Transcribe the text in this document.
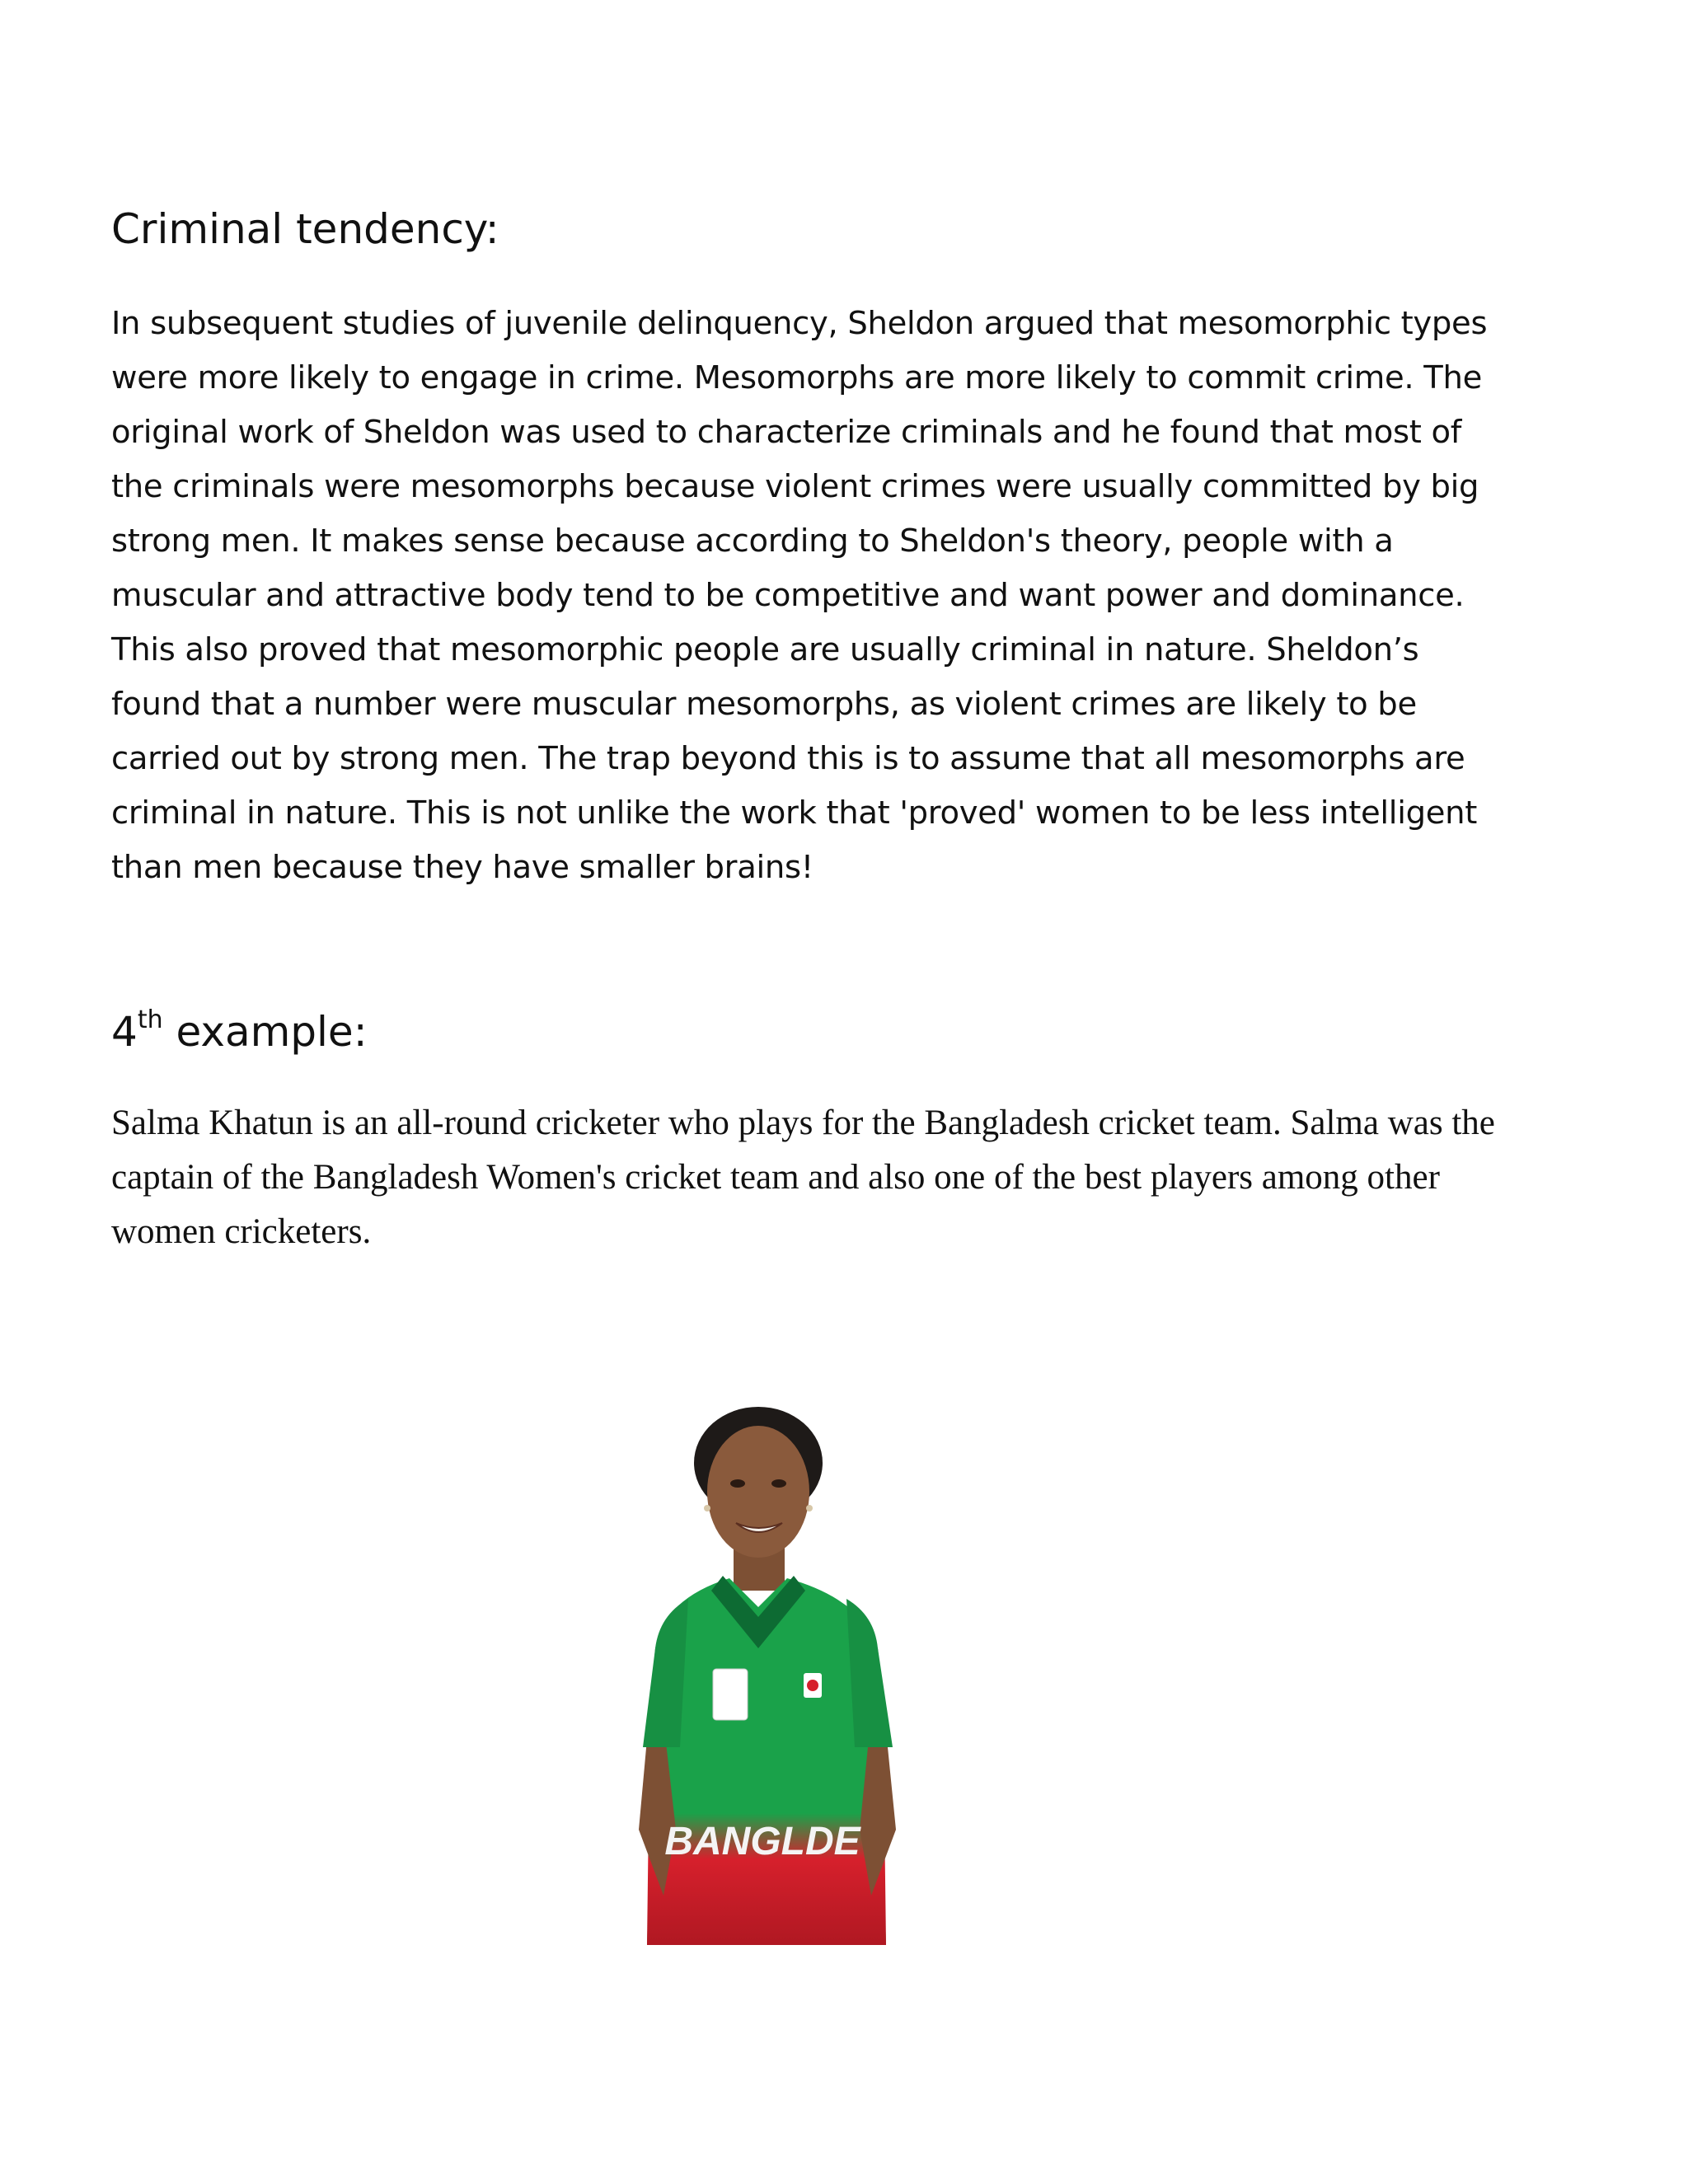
Criminal tendency:

In subsequent studies of juvenile delinquency, Sheldon argued that mesomorphic types were more likely to engage in crime. Mesomorphs are more likely to commit crime. The original work of Sheldon was used to characterize criminals and he found that most of the criminals were mesomorphs because violent crimes were usually committed by big strong men. It makes sense because according to Sheldon's theory, people with a muscular and attractive body tend to be competitive and want power and dominance. This also proved that mesomorphic people are usually criminal in nature. Sheldon’s found that a number were muscular mesomorphs, as violent crimes are likely to be carried out by strong men. The trap beyond this is to assume that all mesomorphs are criminal in nature. This is not unlike the work that 'proved' women to be less intelligent than men because they have smaller brains!

4th example:

Salma Khatun is an all-round cricketer who plays for the Bangladesh cricket team. Salma was the captain of the Bangladesh Women's cricket team and also one of the best players among other women cricketers.

BANGLDE
